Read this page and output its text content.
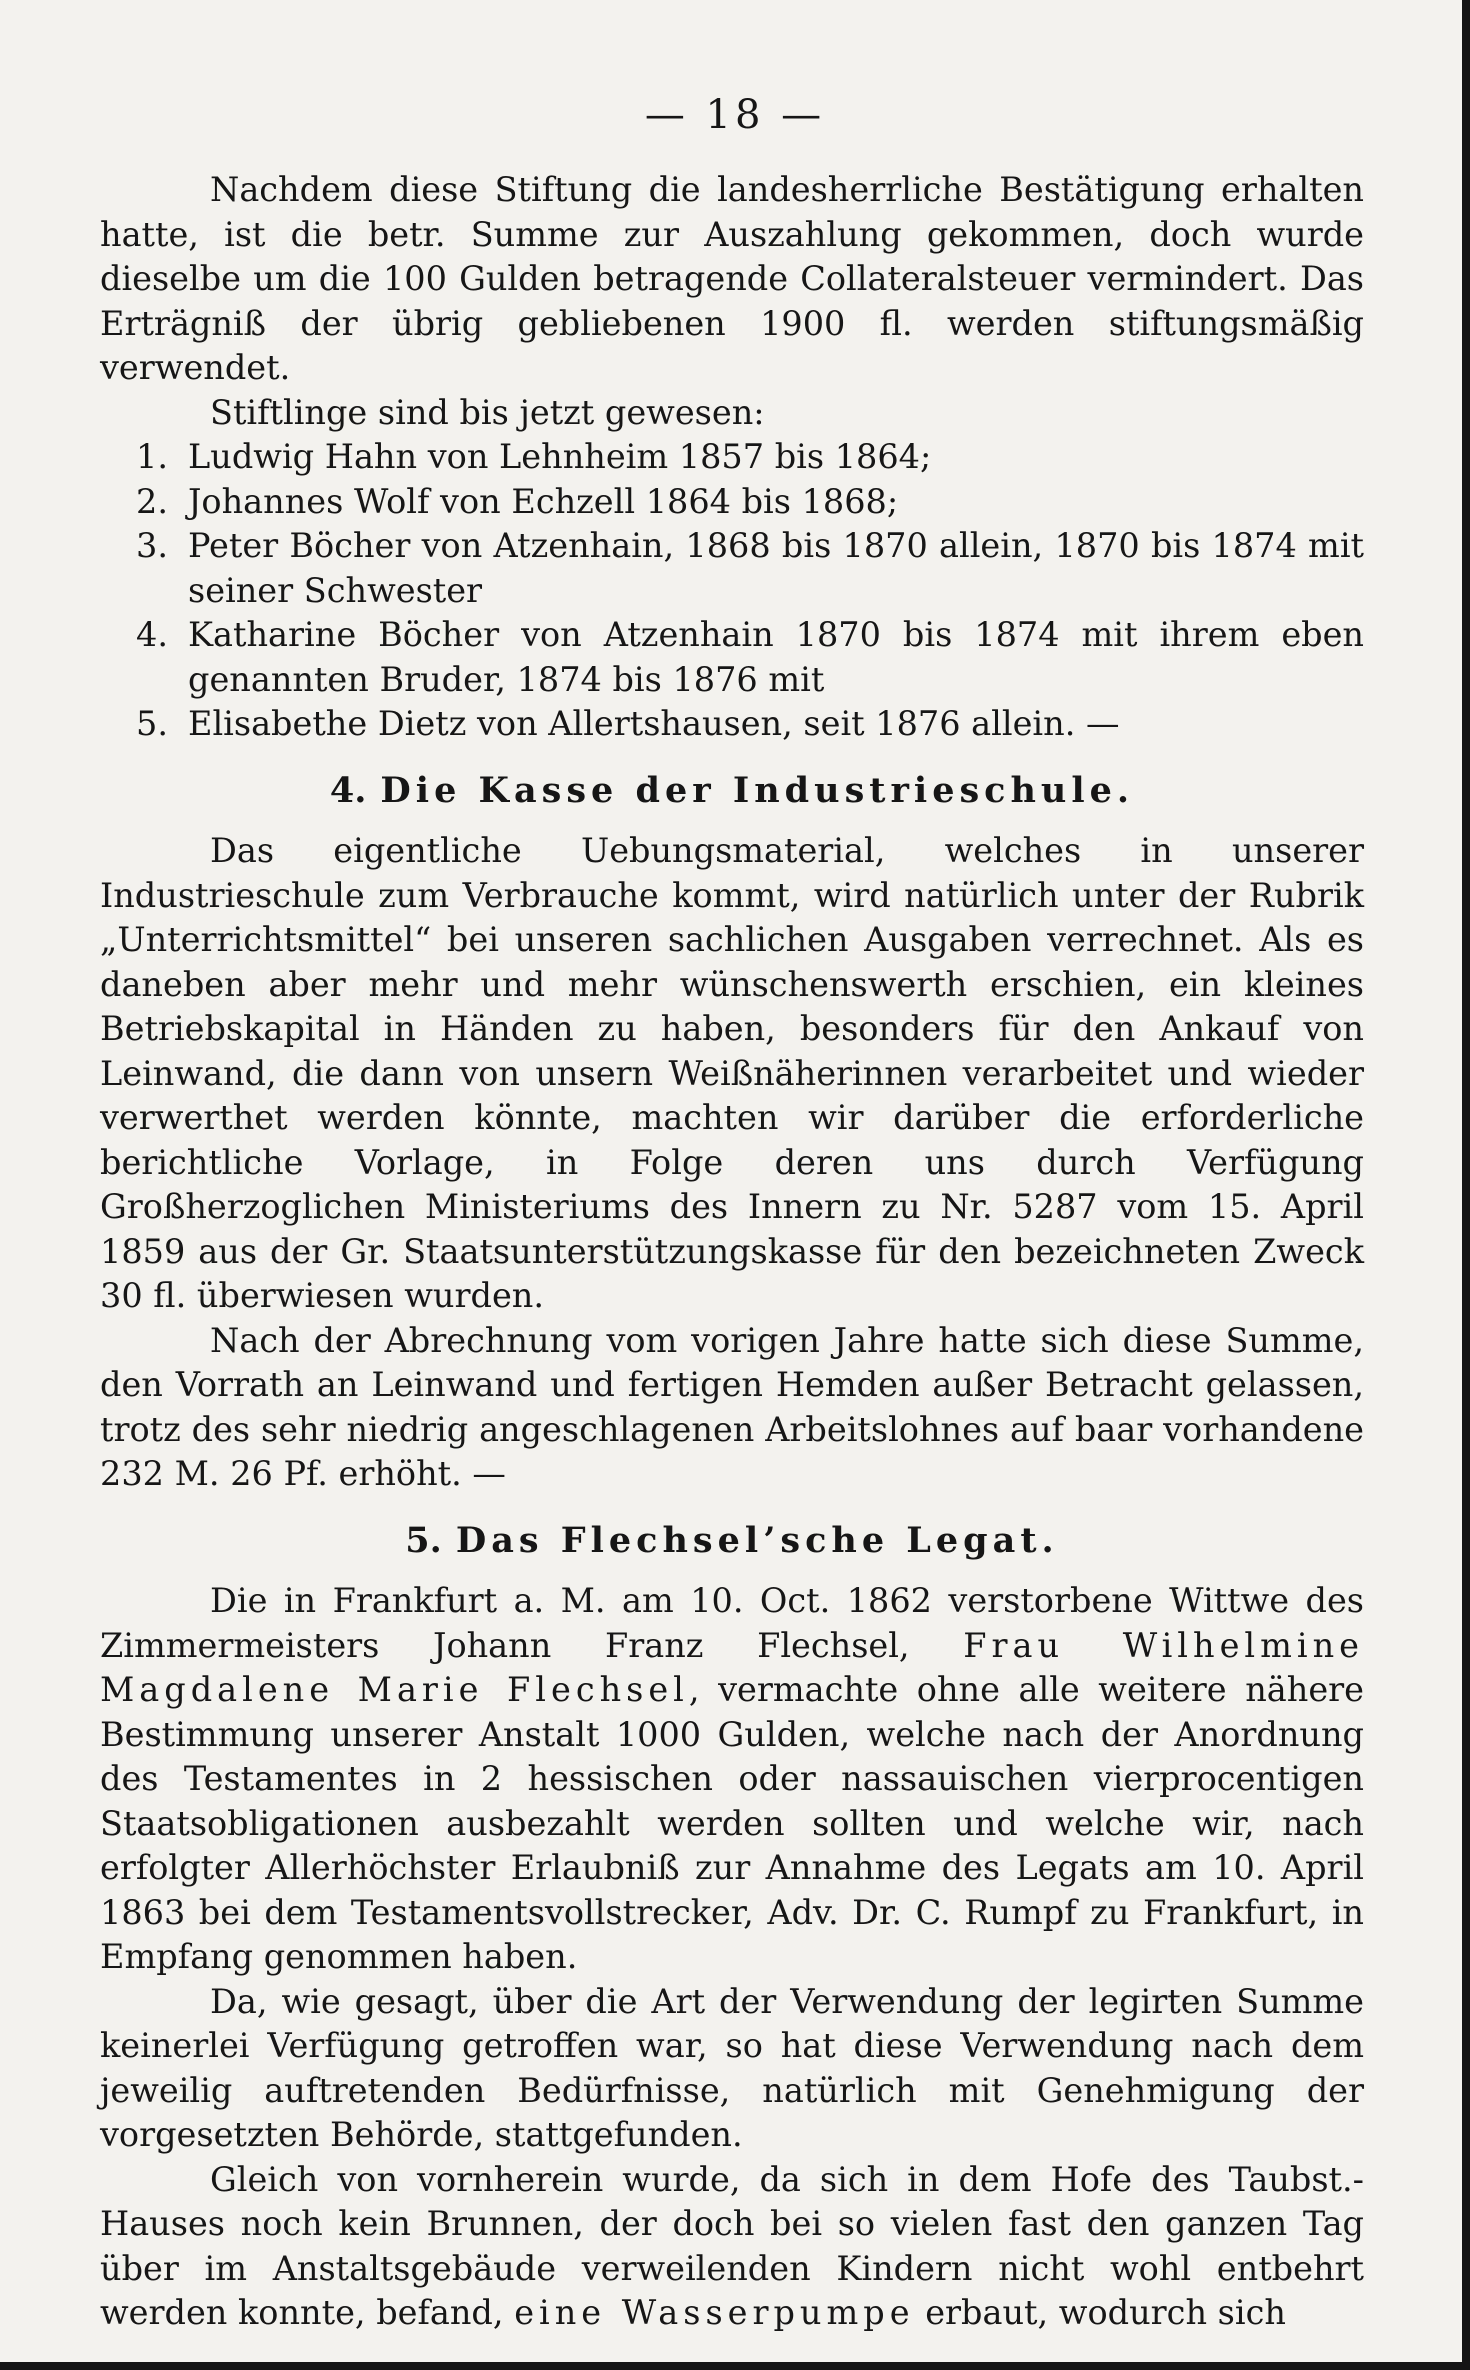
— 18 —

Nachdem diese Stiftung die landesherrliche Bestätigung erhalten hatte, ist die betr. Summe zur Auszahlung gekommen, doch wurde dieselbe um die 100 Gulden betragende Collateralsteuer vermindert. Das Erträgniß der übrig gebliebenen 1900 fl. werden stiftungsmäßig verwendet.

Stiftlinge sind bis jetzt gewesen:

1. Ludwig Hahn von Lehnheim 1857 bis 1864;
2. Johannes Wolf von Echzell 1864 bis 1868;
3. Peter Böcher von Atzenhain, 1868 bis 1870 allein, 1870 bis 1874 mit seiner Schwester
4. Katharine Böcher von Atzenhain 1870 bis 1874 mit ihrem eben genannten Bruder, 1874 bis 1876 mit
5. Elisabethe Dietz von Allertshausen, seit 1876 allein. —
4. Die Kasse der Industrieschule.

Das eigentliche Uebungsmaterial, welches in unserer Industrieschule zum Verbrauche kommt, wird natürlich unter der Rubrik „Unterrichtsmittel“ bei unseren sachlichen Ausgaben verrechnet. Als es daneben aber mehr und mehr wünschenswerth erschien, ein kleines Betriebskapital in Händen zu haben, besonders für den Ankauf von Leinwand, die dann von unsern Weißnäherinnen verarbeitet und wieder verwerthet werden könnte, machten wir darüber die erforderliche berichtliche Vorlage, in Folge deren uns durch Verfügung Großherzoglichen Ministeriums des Innern zu Nr. 5287 vom 15. April 1859 aus der Gr. Staatsunterstützungskasse für den bezeichneten Zweck 30 fl. überwiesen wurden.

Nach der Abrechnung vom vorigen Jahre hatte sich diese Summe, den Vorrath an Leinwand und fertigen Hemden außer Betracht gelassen, trotz des sehr niedrig angeschlagenen Arbeitslohnes auf baar vorhandene 232 M. 26 Pf. erhöht. —

5. Das Flechsel’sche Legat.

Die in Frankfurt a. M. am 10. Oct. 1862 verstorbene Wittwe des Zimmermeisters Johann Franz Flechsel, Frau Wilhelmine Magdalene Marie Flechsel, vermachte ohne alle weitere nähere Bestimmung unserer Anstalt 1000 Gulden, welche nach der Anordnung des Testamentes in 2 hessischen oder nassauischen vierprocentigen Staatsobligationen ausbezahlt werden sollten und welche wir, nach erfolgter Allerhöchster Erlaubniß zur Annahme des Legats am 10. April 1863 bei dem Testamentsvollstrecker, Adv. Dr. C. Rumpf zu Frankfurt, in Empfang genommen haben.

Da, wie gesagt, über die Art der Verwendung der legirten Summe keinerlei Verfügung getroffen war, so hat diese Verwendung nach dem jeweilig auftretenden Bedürfnisse, natürlich mit Genehmigung der vorgesetzten Behörde, stattgefunden.

Gleich von vornherein wurde, da sich in dem Hofe des Taubst.-Hauses noch kein Brunnen, der doch bei so vielen fast den ganzen Tag über im Anstaltsgebäude verweilenden Kindern nicht wohl entbehrt werden konnte, befand, eine Wasserpumpe erbaut, wodurch sich
